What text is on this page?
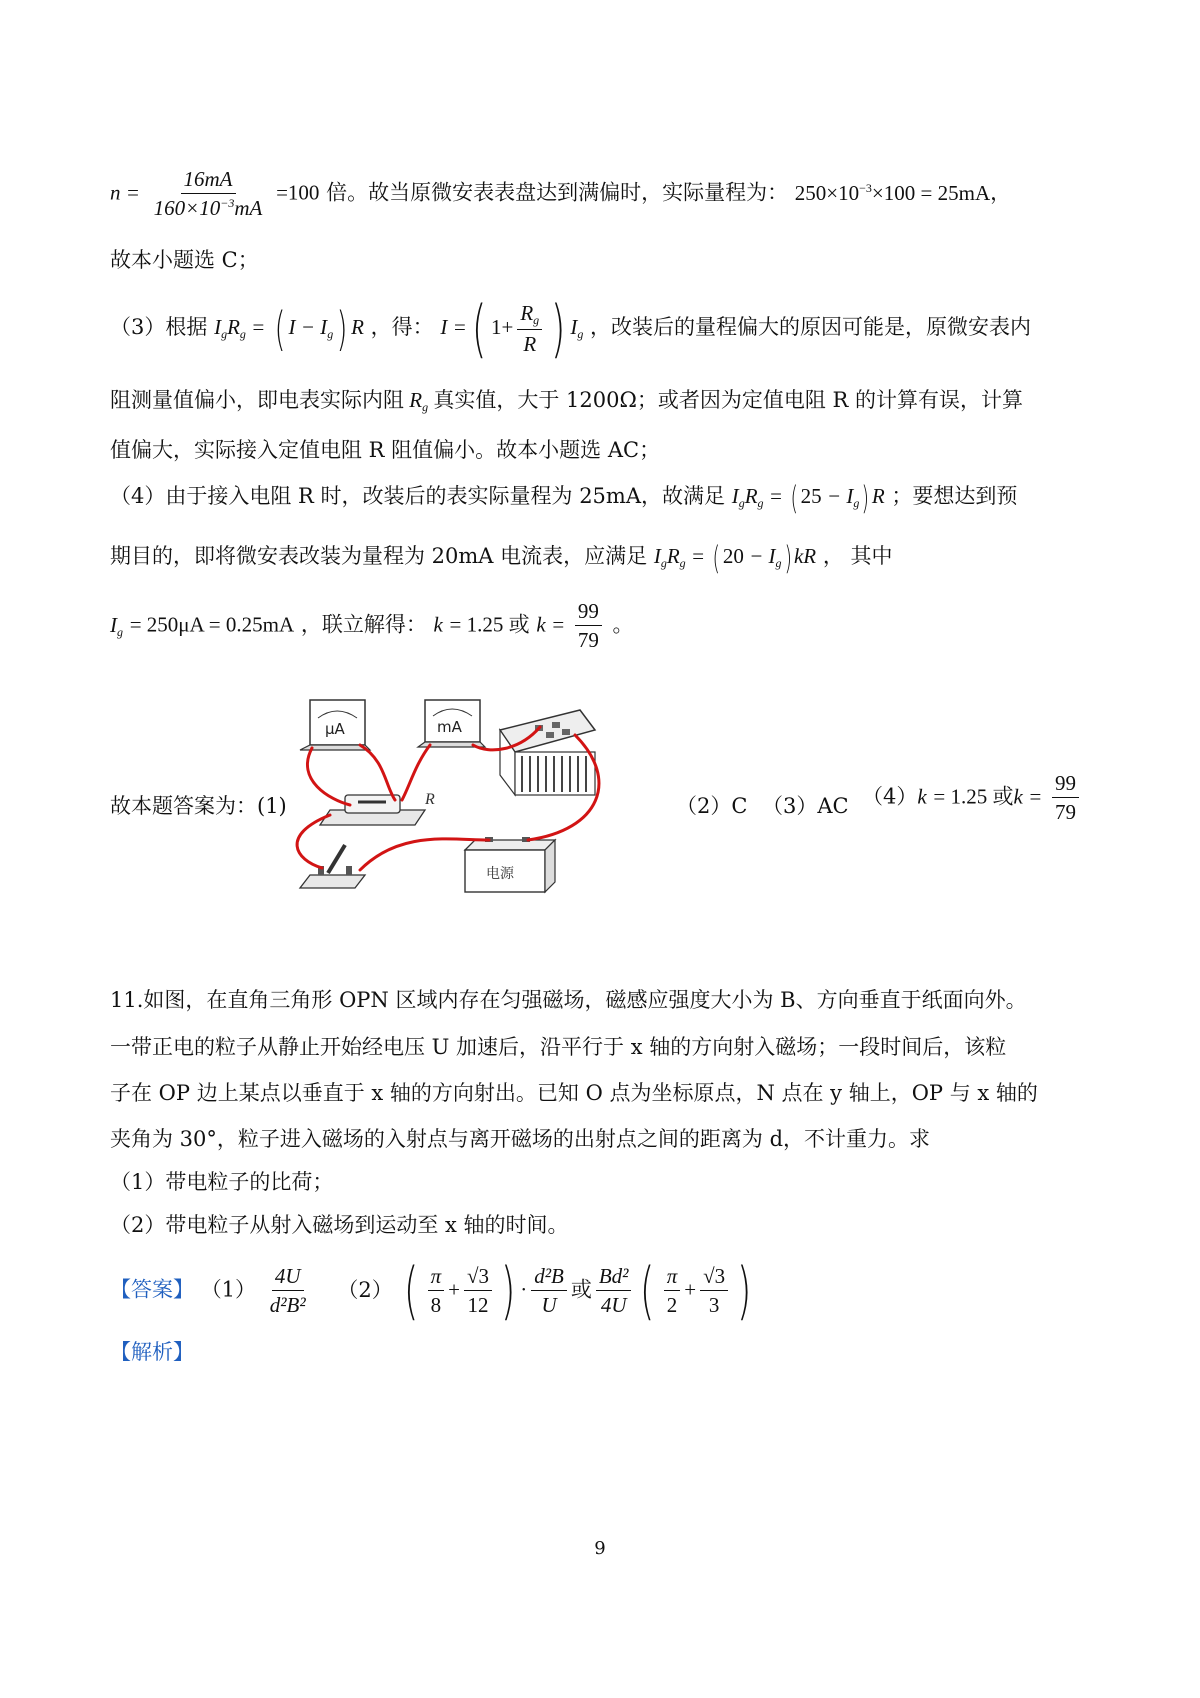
$n = \frac{16mA}{160\times 10^{-3}mA} =100$ 倍。故当原微安表表盘达到满偏时，实际量程为： $250\times 10^{-3}\times 100 = 25mA$，
故本小题选 C；
（3）根据 $I_gR_g$ = ( $I - I_g$) R ，得： I =( $1+ \frac{R_g}{R}$ ) $I_g$ ，改装后的量程偏大的原因可能是，原微安表内
阻测量值偏小，即电表实际内阻 $R_g$ 真实值，大于 1200Ω；或者因为定值电阻 R 的计算有误，计算
值偏大，实际接入定值电阻 R 阻值偏小。故本小题选 AC；
（4）由于接入电阻 R 时，改装后的表实际量程为 25mA，故满足 $I_gR_g$ = ( $25 - I_g$) R ；要想达到预
期目的，即将微安表改装为量程为 20mA 电流表，应满足 $I_gR_g$ = ( $20 - I_g$) kR ， 其中
$I_g = 250\mu A = 0.25mA$ ，联立解得： k = 1.25 或 $k = \frac{99}{79}$ 。
故本题答案为：(1)
μA	mA
R
电源
（2）C （3）AC （4）k = 1.25 或$k = \frac{99}{79}$
11.如图，在直角三角形 OPN 区域内存在匀强磁场，磁感应强度大小为 B、方向垂直于纸面向外。
一带正电的粒子从静止开始经电压 U 加速后，沿平行于 x 轴的方向射入磁场；一段时间后，该粒
子在 OP 边上某点以垂直于 x 轴的方向射出。已知 O 点为坐标原点，N 点在 y 轴上，OP 与 x 轴的
夹角为 30°，粒子进入磁场的入射点与离开磁场的出射点之间的距离为 d，不计重力。求
（1）带电粒子的比荷；
（2）带电粒子从射入磁场到运动至 x 轴的时间。
【答案】 $(1) \frac{4U}{\text{d²B²}} (2)$ ( $\frac{\pi}{8} + \frac{√3}{12}$ ) · $\frac{\text{d²B}}{U}$ 或 $\frac{\text{Bd²}}{4U}$ ( $\frac{\pi}{2} + \frac{√3}{3}$ )
【解析】
9
